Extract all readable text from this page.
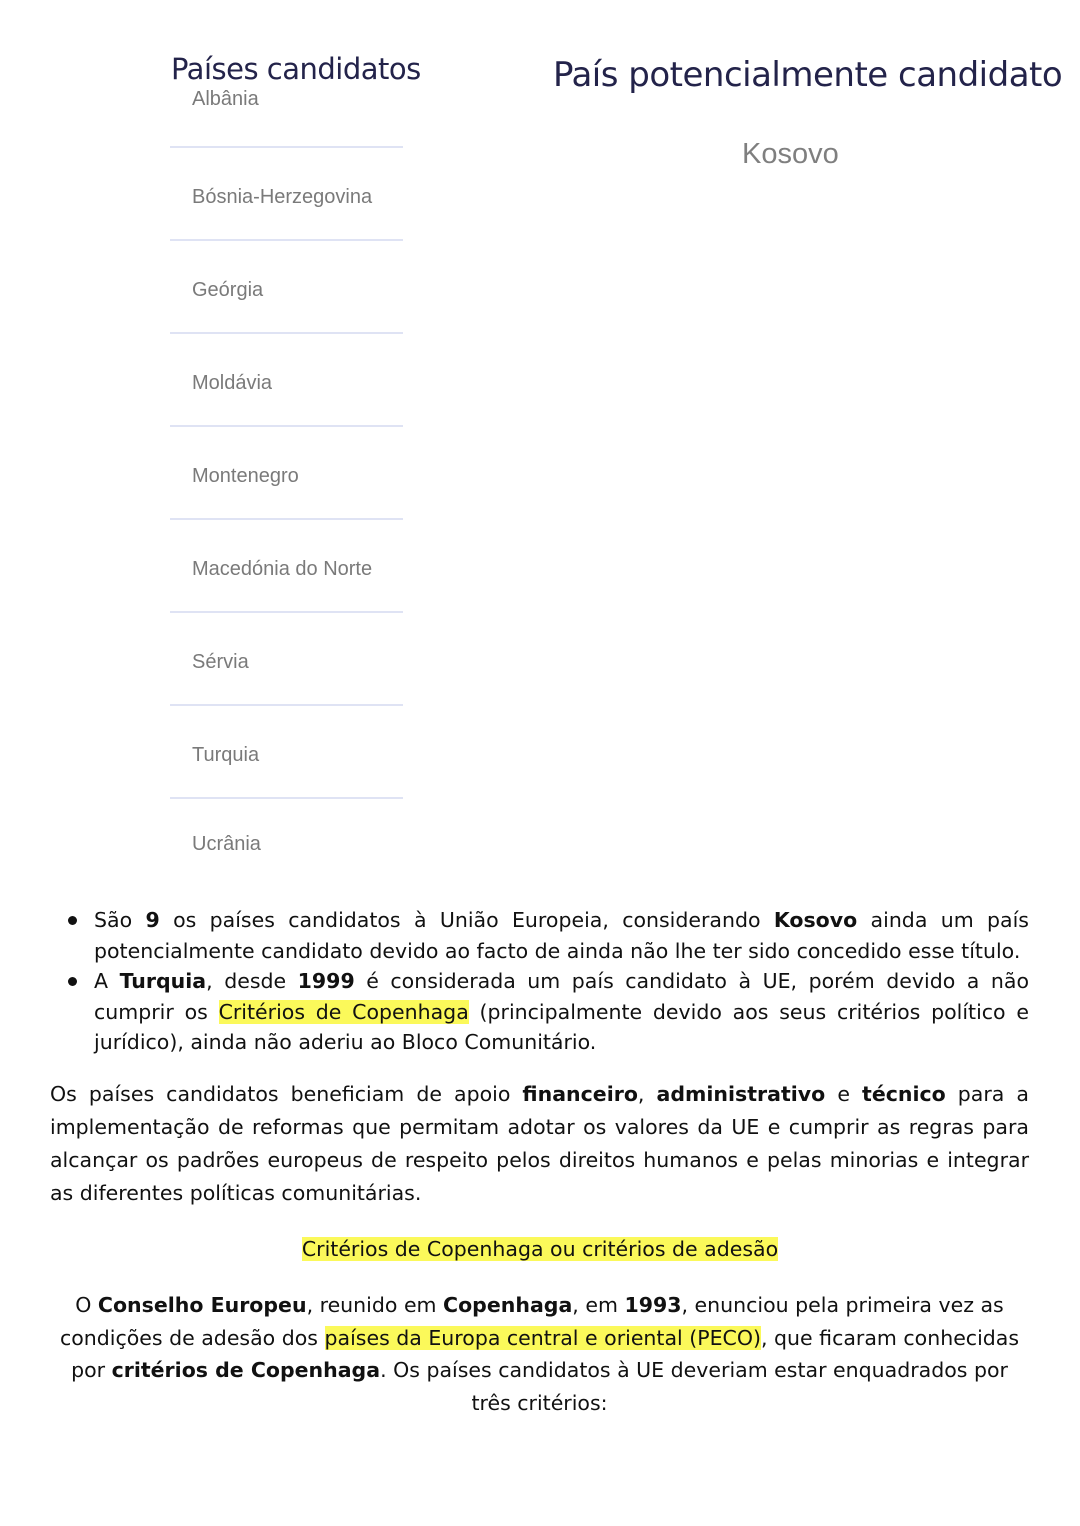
Países candidatos
Albânia
Bósnia-Herzegovina
Geórgia
Moldávia
Montenegro
Macedónia do Norte
Sérvia
Turquia
Ucrânia
País potencialmente candidato
Kosovo
São 9 os países candidatos à União Europeia, considerando Kosovo ainda um país potencialmente candidato devido ao facto de ainda não lhe ter sido concedido esse título.
A Turquia, desde 1999 é considerada um país candidato à UE, porém devido a não cumprir os Critérios de Copenhaga (principalmente devido aos seus critérios político e jurídico), ainda não aderiu ao Bloco Comunitário.

Os países candidatos beneficiam de apoio financeiro, administrativo e técnico para a implementação de reformas que permitam adotar os valores da UE e cumprir as regras para alcançar os padrões europeus de respeito pelos direitos humanos e pelas minorias e integrar as diferentes políticas comunitárias.

Critérios de Copenhaga ou critérios de adesão

O Conselho Europeu, reunido em Copenhaga, em 1993, enunciou pela primeira vez as condições de adesão dos países da Europa central e oriental (PECO), que ficaram conhecidas por critérios de Copenhaga. Os países candidatos à UE deveriam estar enquadrados por três critérios:
